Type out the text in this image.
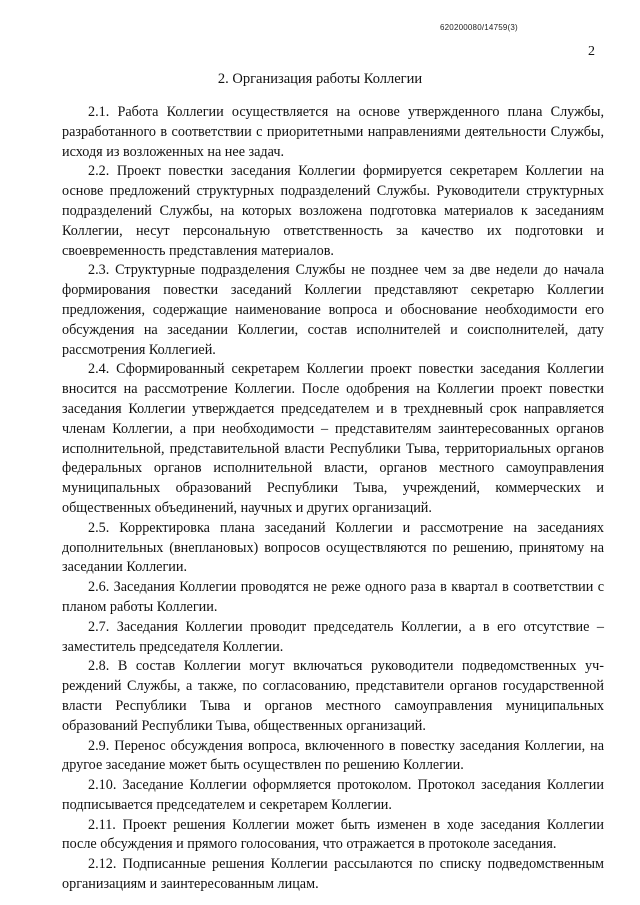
620200080/14759(3)
2
2. Организация работы Коллегии

2.1. Работа Коллегии осуществляется на основе утвержденного плана Службы, разработанного в соответствии с приоритетными направлениями деятельности Службы, исходя из возложенных на нее задач.

2.2. Проект повестки заседания Коллегии формируется секретарем Коллегии на основе предложений структурных подразделений Службы. Руководители структурных подразделений Службы, на которых возложена подготовка материалов к заседаниям Коллегии, несут персональную ответственность за качество их подготовки и своевременность представления материалов.

2.3. Структурные подразделения Службы не позднее чем за две недели до начала формирования повестки заседаний Коллегии представляют секретарю Коллегии предложения, содержащие наименование вопроса и обоснование необходимости его обсуждения на заседании Коллегии, состав исполнителей и соисполнителей, дату рассмотрения Коллегией.

2.4. Сформированный секретарем Коллегии проект повестки заседания Коллегии вносится на рассмотрение Коллегии. После одобрения на Коллегии проект повестки заседания Коллегии утверждается председателем и в трехдневный срок направляется членам Коллегии, а при необходимости – представителям заинтересованных органов исполнительной, представительной власти Республики Тыва, территориальных органов федеральных органов исполнительной власти, органов местного самоуправления муниципальных образований Республики Тыва, учреждений, коммерческих и общественных объединений, научных и других организаций.

2.5. Корректировка плана заседаний Коллегии и рассмотрение на заседаниях дополнительных (внеплановых) вопросов осуществляются по решению, принятому на заседании Коллегии.

2.6. Заседания Коллегии проводятся не реже одного раза в квартал в соответствии с планом работы Коллегии.

2.7. Заседания Коллегии проводит председатель Коллегии, а в его отсутствие – заместитель председателя Коллегии.

2.8. В состав Коллегии могут включаться руководители подведомственных учреждений Службы, а также, по согласованию, представители органов государственной власти Республики Тыва и органов местного самоуправления муниципальных образований Республики Тыва, общественных организаций.

2.9. Перенос обсуждения вопроса, включенного в повестку заседания Коллегии, на другое заседание может быть осуществлен по решению Коллегии.

2.10. Заседание Коллегии оформляется протоколом. Протокол заседания Коллегии подписывается председателем и секретарем Коллегии.

2.11. Проект решения Коллегии может быть изменен в ходе заседания Коллегии после обсуждения и прямого голосования, что отражается в протоколе заседания.

2.12. Подписанные решения Коллегии рассылаются по списку подведомственным организациям и заинтересованным лицам.
